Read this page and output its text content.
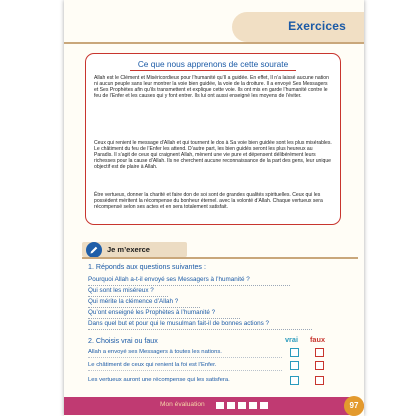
Exercices
Ce que nous apprenons de cette sourate

Allah est le Clément et Miséricordieux pour l’humanité qu’Il a guidée. En effet, Il n’a laissé aucune nation ni aucun peuple sans leur montrer la voie bien guidée, la voie de la droiture. Il a envoyé Ses Messagers et Ses Prophètes afin qu’ils transmettent et explique cette voie. Ils ont mis en garde l’humanité contre le feu de l’Enfer et les causes qui y font entrer. Ils lui ont aussi enseigné les moyens de l’éviter.

Ceux qui renient le message d’Allah et qui tournent le dos à Sa voie bien guidée sont les plus misérables. Le châtiment du feu de l’Enfer les attend. D’autre part, les bien guidés seront les plus heureux au Paradis. Il s’agit de ceux qui craignent Allah, mènent une vie pure et dépensent délibérément leurs richesses pour la cause d’Allah. Ils ne cherchent aucune reconnaissance de la part des gens, leur unique objectif est de plaire à Allah.

Être vertueux, donner la charité et faire don de soi sont de grandes qualités spirituelles. Ceux qui les possèdent méritent la récompense du bonheur éternel. avec la volonté d’Allah. Chaque vertueux sera récompensé selon ses actes et en sera totalement satisfait.

Je m’exerce
1. Réponds aux questions suivantes :
Pourquoi Allah a-t-il envoyé ses Messagers à l’humanité ?
Qui sont les miséreux ?
Qui mérite la clémence d’Allah ?
Qu’ont enseigné les Prophètes à l’humanité ?
Dans quel but et pour qui le musulman fait-il de bonnes actions ?
2. Choisis vrai ou faux	vrai faux
Allah a envoyé ses Messagers à toutes les nations.
Le châtiment de ceux qui renient la foi est l’Enfer.
Mon évaluation	97
Les vertueux auront une récompense qui les satisfera.
